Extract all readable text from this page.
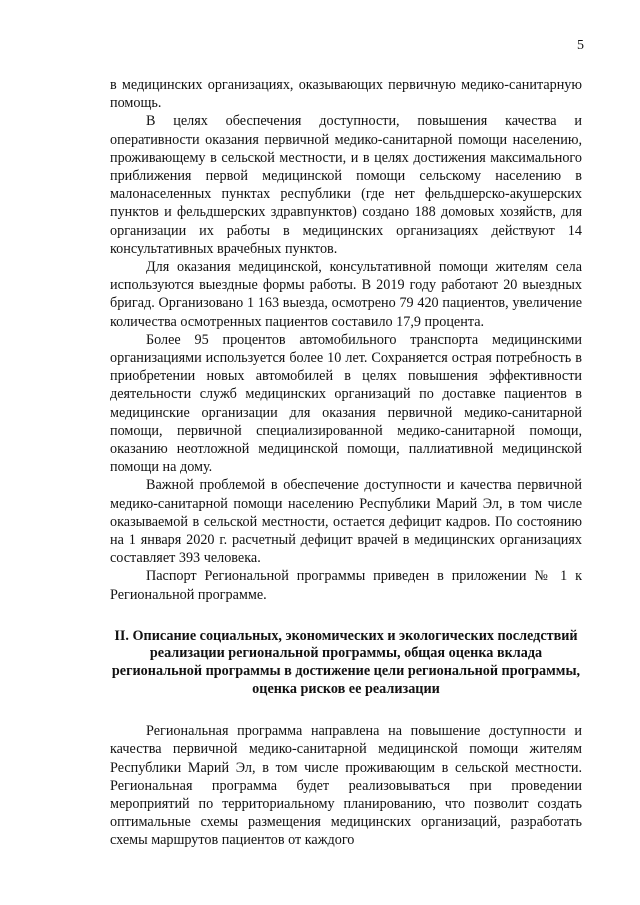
5

в медицинских организациях, оказывающих первичную медико-санитарную помощь.

В целях обеспечения доступности, повышения качества и оперативности оказания первичной медико-санитарной помощи населению, проживающему в сельской местности, и в целях достижения максимального приближения первой медицинской помощи сельскому населению в малонаселенных пунктах республики (где нет фельдшерско-акушерских пунктов и фельдшерских здравпунктов) создано 188 домовых хозяйств, для организации их работы в медицинских организациях действуют 14 консультативных врачебных пунктов.

Для оказания медицинской, консультативной помощи жителям села используются выездные формы работы. В 2019 году работают 20 выездных бригад. Организовано 1 163 выезда, осмотрено 79 420 пациентов, увеличение количества осмотренных пациентов составило 17,9 процента.

Более 95 процентов автомобильного транспорта медицинскими организациями используется более 10 лет. Сохраняется острая потребность в приобретении новых автомобилей в целях повышения эффективности деятельности служб медицинских организаций по доставке пациентов в медицинские организации для оказания первичной медико-санитарной помощи, первичной специализированной медико-санитарной помощи, оказанию неотложной медицинской помощи, паллиативной медицинской помощи на дому.

Важной проблемой в обеспечение доступности и качества первичной медико-санитарной помощи населению Республики Марий Эл, в том числе оказываемой в сельской местности, остается дефицит кадров. По состоянию на 1 января 2020 г. расчетный дефицит врачей в медицинских организациях составляет 393 человека.

Паспорт Региональной программы приведен в приложении № 1 к Региональной программе.

II. Описание социальных, экономических и экологических последствий реализации региональной программы, общая оценка вклада региональной программы в достижение цели региональной программы, оценка рисков ее реализации

Региональная программа направлена на повышение доступности и качества первичной медико-санитарной медицинской помощи жителям Республики Марий Эл, в том числе проживающим в сельской местности. Региональная программа будет реализовываться при проведении мероприятий по территориальному планированию, что позволит создать оптимальные схемы размещения медицинских организаций, разработать схемы маршрутов пациентов от каждого
